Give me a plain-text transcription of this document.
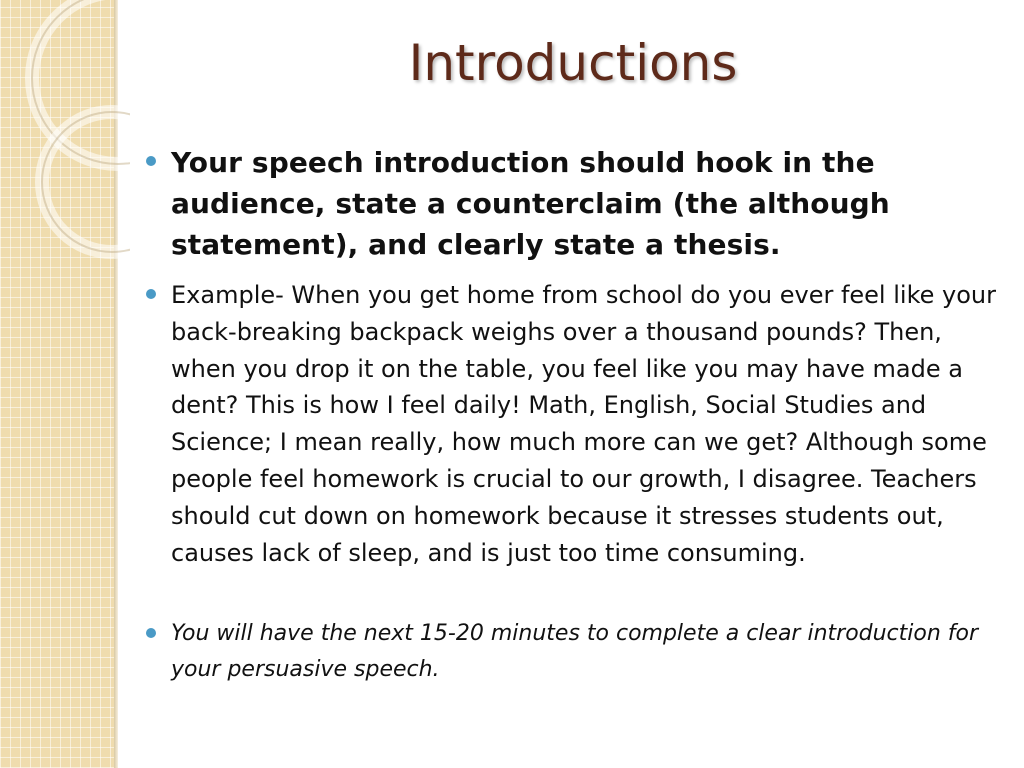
Introductions
Your speech introduction should hook in the audience, state a counterclaim (the although statement), and clearly state a thesis.
Example- When you get home from school do you ever feel like your back-breaking backpack weighs over a thousand pounds? Then, when you drop it on the table, you feel like you may have made a dent? This is how I feel daily! Math, English, Social Studies and Science; I mean really, how much more can we get? Although some people feel homework is crucial to our growth, I disagree. Teachers should cut down on homework because it stresses students out, causes lack of sleep, and is just too time consuming.
You will have the next 15-20 minutes to complete a clear introduction for your persuasive speech.
